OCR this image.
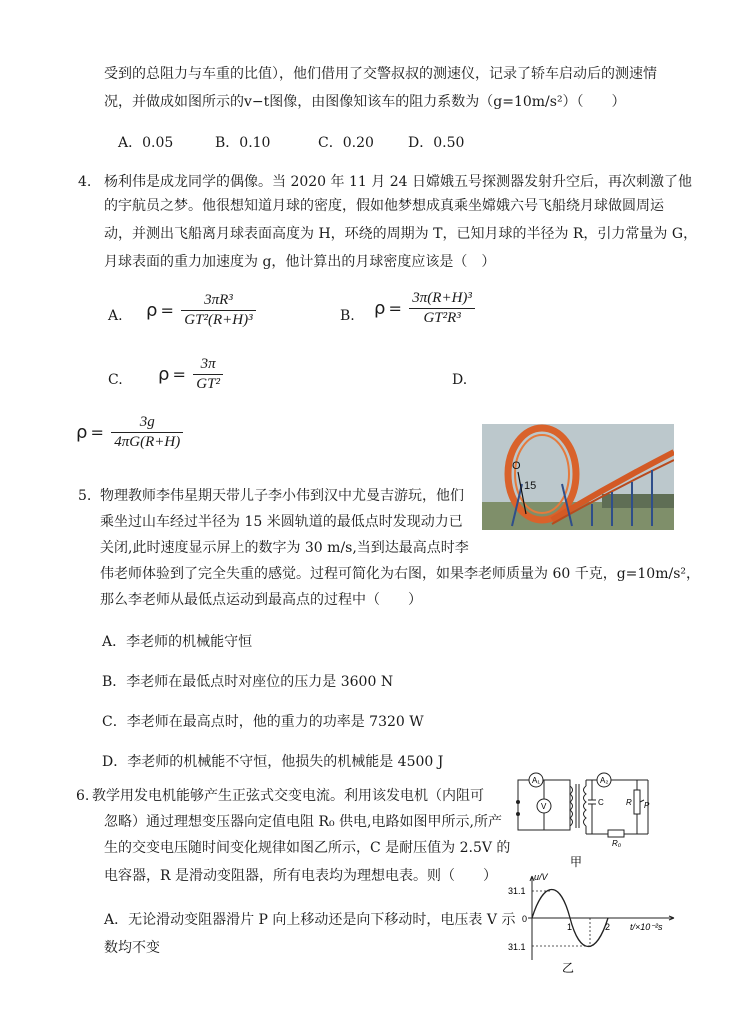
受到的总阻力与车重的比值），他们借用了交警叔叔的测速仪，记录了轿车启动后的测速情
况，并做成如图所示的v−t图像，由图像知该车的阻力系数为（g=10m/s²）（　　）
A．0.05	B．0.10	C．0.20 D．0.50
4. 杨利伟是成龙同学的偶像。当 2020 年 11 月 24 日嫦娥五号探测器发射升空后，再次刺激了他
的宇航员之梦。他很想知道月球的密度，假如他梦想成真乘坐嫦娥六号飞船绕月球做圆周运
动，并测出飞船离月球表面高度为 H，环绕的周期为 T，已知月球的半径为 R，引力常量为 G，
月球表面的重力加速度为 g，他计算出的月球密度应该是（　）
A. $\rho = \frac{\text{3πR³}}{\text{GT²(R+H)³}}$	B. $\rho = \frac{\text{3π(R+H)³}}{\text{GT²R³}}$
C. $\rho = \frac{3\pi}{\text{GT²}}$	D.
$\rho = \frac{3g}{4\pi G(R+H)}$
O
15
5. 物理教师李伟星期天带儿子李小伟到汉中尤曼吉游玩，他们
乘坐过山车经过半径为 15 米圆轨道的最低点时发现动力已
关闭,此时速度显示屏上的数字为 30 m/s,当到达最高点时李
伟老师体验到了完全失重的感觉。过程可简化为右图，如果李老师质量为 60 千克，g=10m/s²，
那么李老师从最低点运动到最高点的过程中（　　）
A．李老师的机械能守恒
B．李老师在最低点时对座位的压力是 3600 N
C．李老师在最高点时，他的重力的功率是 7320 W
D．李老师的机械能不守恒，他损失的机械能是 4500 J
A₁
V	C
A₂
R P
R₀
甲
u/V
31.1
0
31.1
1	2 t/×10⁻²s
乙
6. 教学用发电机能够产生正弦式交变电流。利用该发电机（内阻可
忽略）通过理想变压器向定值电阻 R₀ 供电,电路如图甲所示,所产
生的交变电压随时间变化规律如图乙所示，C 是耐压值为 2.5V 的
电容器，R 是滑动变阻器，所有电表均为理想电表。则（　　）
A．无论滑动变阻器滑片 P 向上移动还是向下移动时，电压表 V 示
数均不变
